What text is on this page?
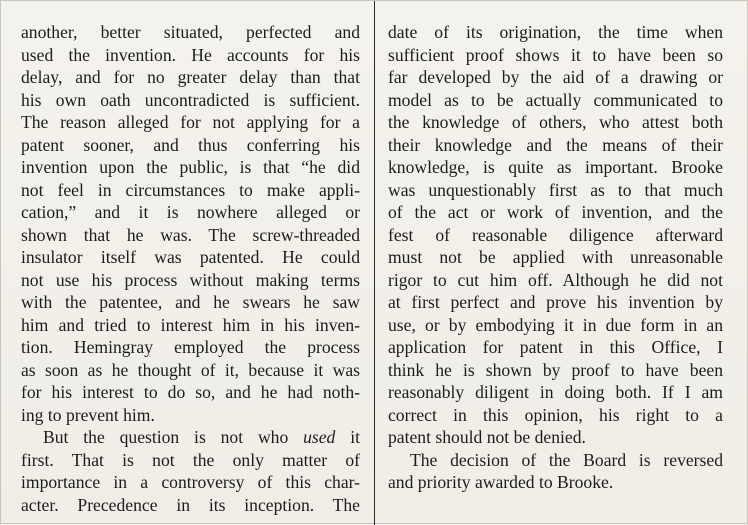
another, better situated, perfected and
used the invention. He accounts for his
delay, and for no greater delay than that
his own oath uncontradicted is sufficient.
The reason alleged for not applying for a
patent sooner, and thus conferring his
invention upon the public, is that “he did
not feel in circumstances to make appli-
cation,” and it is nowhere alleged or
shown that he was. The screw-threaded
insulator itself was patented. He could
not use his process without making terms
with the patentee, and he swears he saw
him and tried to interest him in his inven-
tion. Hemingray employed the process
as soon as he thought of it, because it was
for his interest to do so, and he had noth-
ing to prevent him.
But the question is not who used it
first. That is not the only matter of
importance in a controversy of this char-
acter. Precedence in its inception. The
date of its origination, the time when
sufficient proof shows it to have been so
far developed by the aid of a drawing or
model as to be actually communicated to
the knowledge of others, who attest both
their knowledge and the means of their
knowledge, is quite as important. Brooke
was unquestionably first as to that much
of the act or work of invention, and the
fest of reasonable diligence afterward
must not be applied with unreasonable
rigor to cut him off. Although he did not
at first perfect and prove his invention by
use, or by embodying it in due form in an
application for patent in this Office, I
think he is shown by proof to have been
reasonably diligent in doing both. If I am
correct in this opinion, his right to a
patent should not be denied.
The decision of the Board is reversed
and priority awarded to Brooke.
